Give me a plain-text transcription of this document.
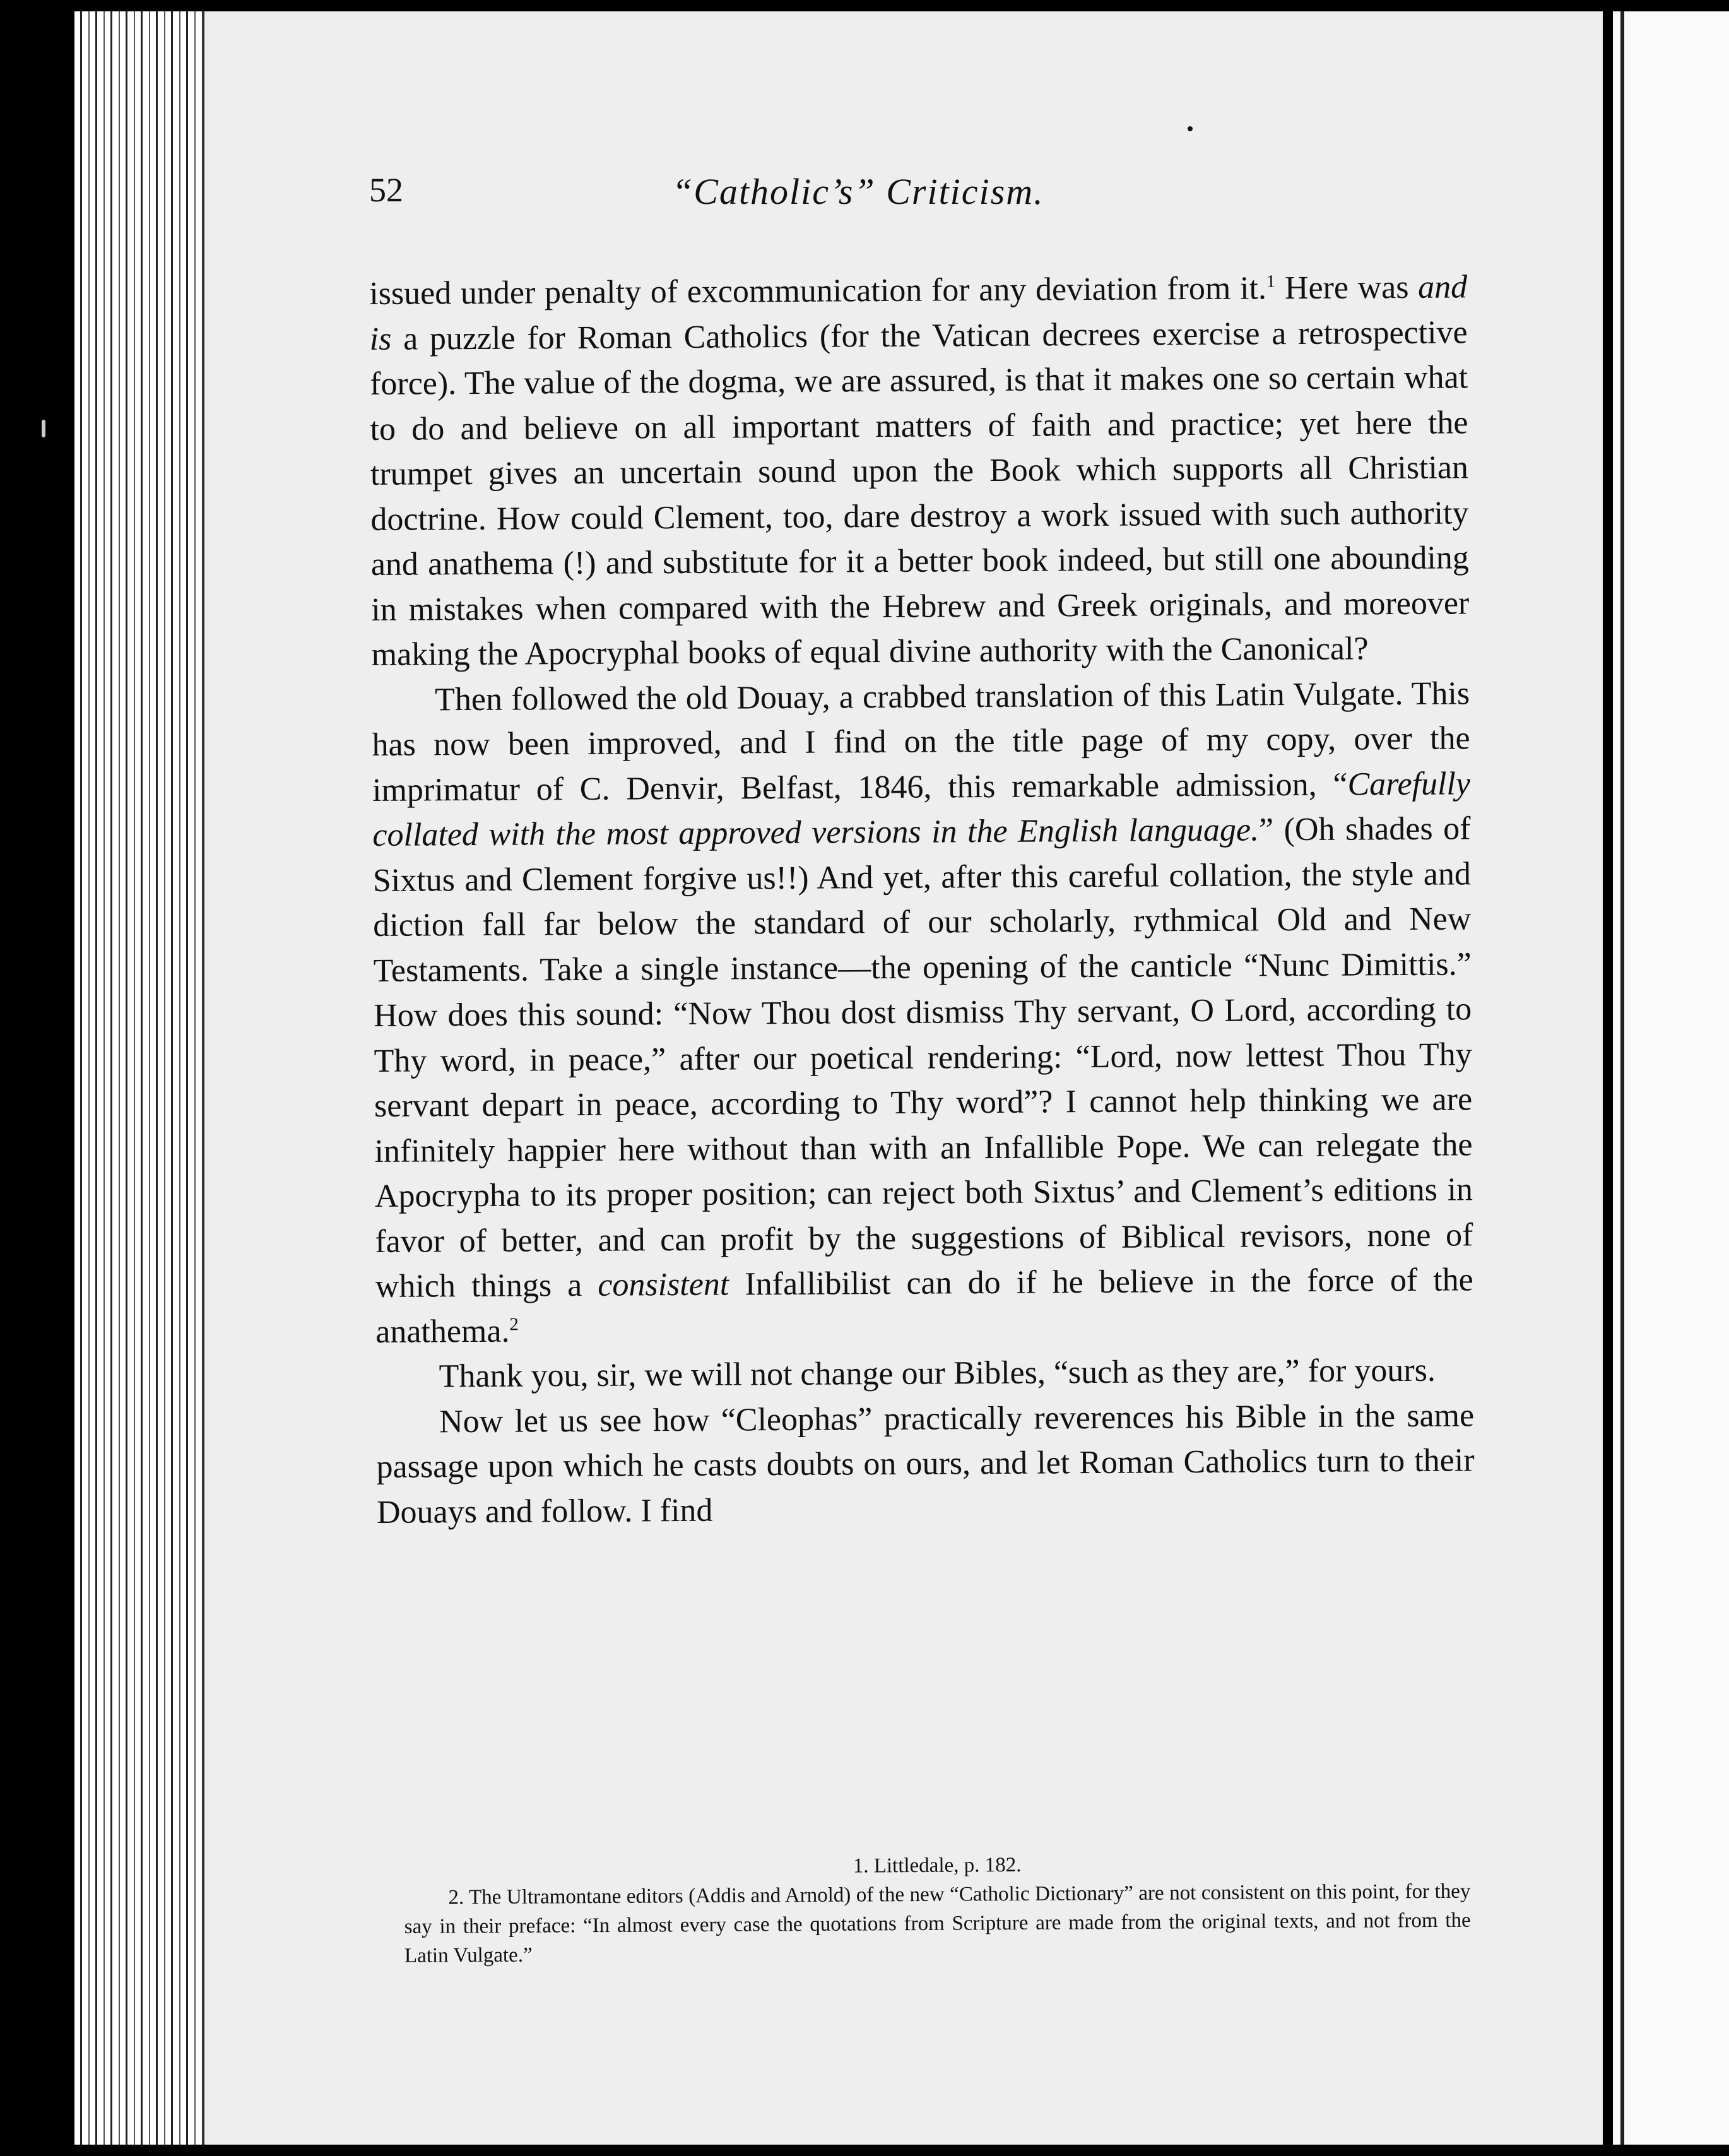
52	“Catholic’s” Criticism.

issued under penalty of excommunication for any deviation from it.$^1$ Here was and is a puzzle for Roman Catholics (for the Vatican decrees exercise a retrospective force). The value of the dogma, we are assured, is that it makes one so certain what to do and believe on all important matters of faith and practice; yet here the trumpet gives an uncertain sound upon the Book which supports all Christian doctrine. How could Clement, too, dare destroy a work issued with such authority and anathema (!) and substitute for it a better book indeed, but still one abounding in mistakes when compared with the Hebrew and Greek originals, and moreover making the Apocryphal books of equal divine authority with the Canonical?

Then followed the old Douay, a crabbed translation of this Latin Vulgate. This has now been improved, and I find on the title page of my copy, over the imprimatur of C. Denvir, Belfast, 1846, this remarkable admission, “Carefully collated with the most approved versions in the English language.” (Oh shades of Sixtus and Clement forgive us!!) And yet, after this careful collation, the style and diction fall far below the standard of our scholarly, rythmical Old and New Testaments. Take a single instance—the opening of the canticle “Nunc Dimittis.” How does this sound: “Now Thou dost dismiss Thy servant, O Lord, according to Thy word, in peace,” after our poetical rendering: “Lord, now lettest Thou Thy servant depart in peace, according to Thy word”? I cannot help thinking we are infinitely happier here without than with an Infallible Pope. We can relegate the Apocrypha to its proper position; can reject both Sixtus’ and Clement’s editions in favor of better, and can profit by the suggestions of Biblical revisors, none of which things a consistent Infallibilist can do if he believe in the force of the anathema.$^2$

Thank you, sir, we will not change our Bibles, “such as they are,” for yours.

Now let us see how “Cleophas” practically reverences his Bible in the same passage upon which he casts doubts on ours, and let Roman Catholics turn to their Douays and follow. I find

1. Littledale, p. 182.

2. The Ultramontane editors (Addis and Arnold) of the new “Catholic Dictionary” are not consistent on this point, for they say in their preface: “In almost every case the quotations from Scripture are made from the original texts, and not from the Latin Vulgate.”
